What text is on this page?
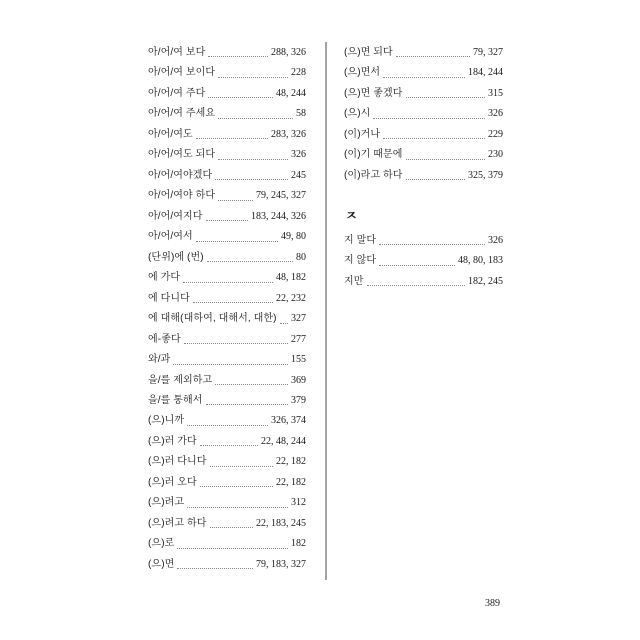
아/어/여 보다	288, 326
아/어/여 보이다	228
아/어/여 주다	48, 244
아/어/여 주세요	58
아/어/여도	283, 326
아/어/여도 되다	326
아/어/여야겠다	245
아/어/여야 하다	79, 245, 327
아/어/여지다	183, 244, 326
아/어/여서	49, 80
(단위)에 (번)	80
에 가다	48, 182
에 다니다	22, 232
에 대해(대하여, 대해서, 대한) 327
에-좋다	277
와/과	155
을/를 제외하고	369
을/를 통해서	379
(으)니까	326, 374
(으)러 가다	22, 48, 244
(으)러 다니다	22, 182
(으)러 오다	22, 182
(으)려고	312
(으)려고 하다	22, 183, 245
(으)로	182
(으)면	79, 183, 327
(으)면 되다	79, 327
(으)면서	184, 244
(으)면 좋겠다	315
(으)시	326
(이)거나	229
(이)기 때문에	230
(이)라고 하다	325, 379
ㅈ
지 말다	326
지 않다	48, 80, 183
지만	182, 245
389
